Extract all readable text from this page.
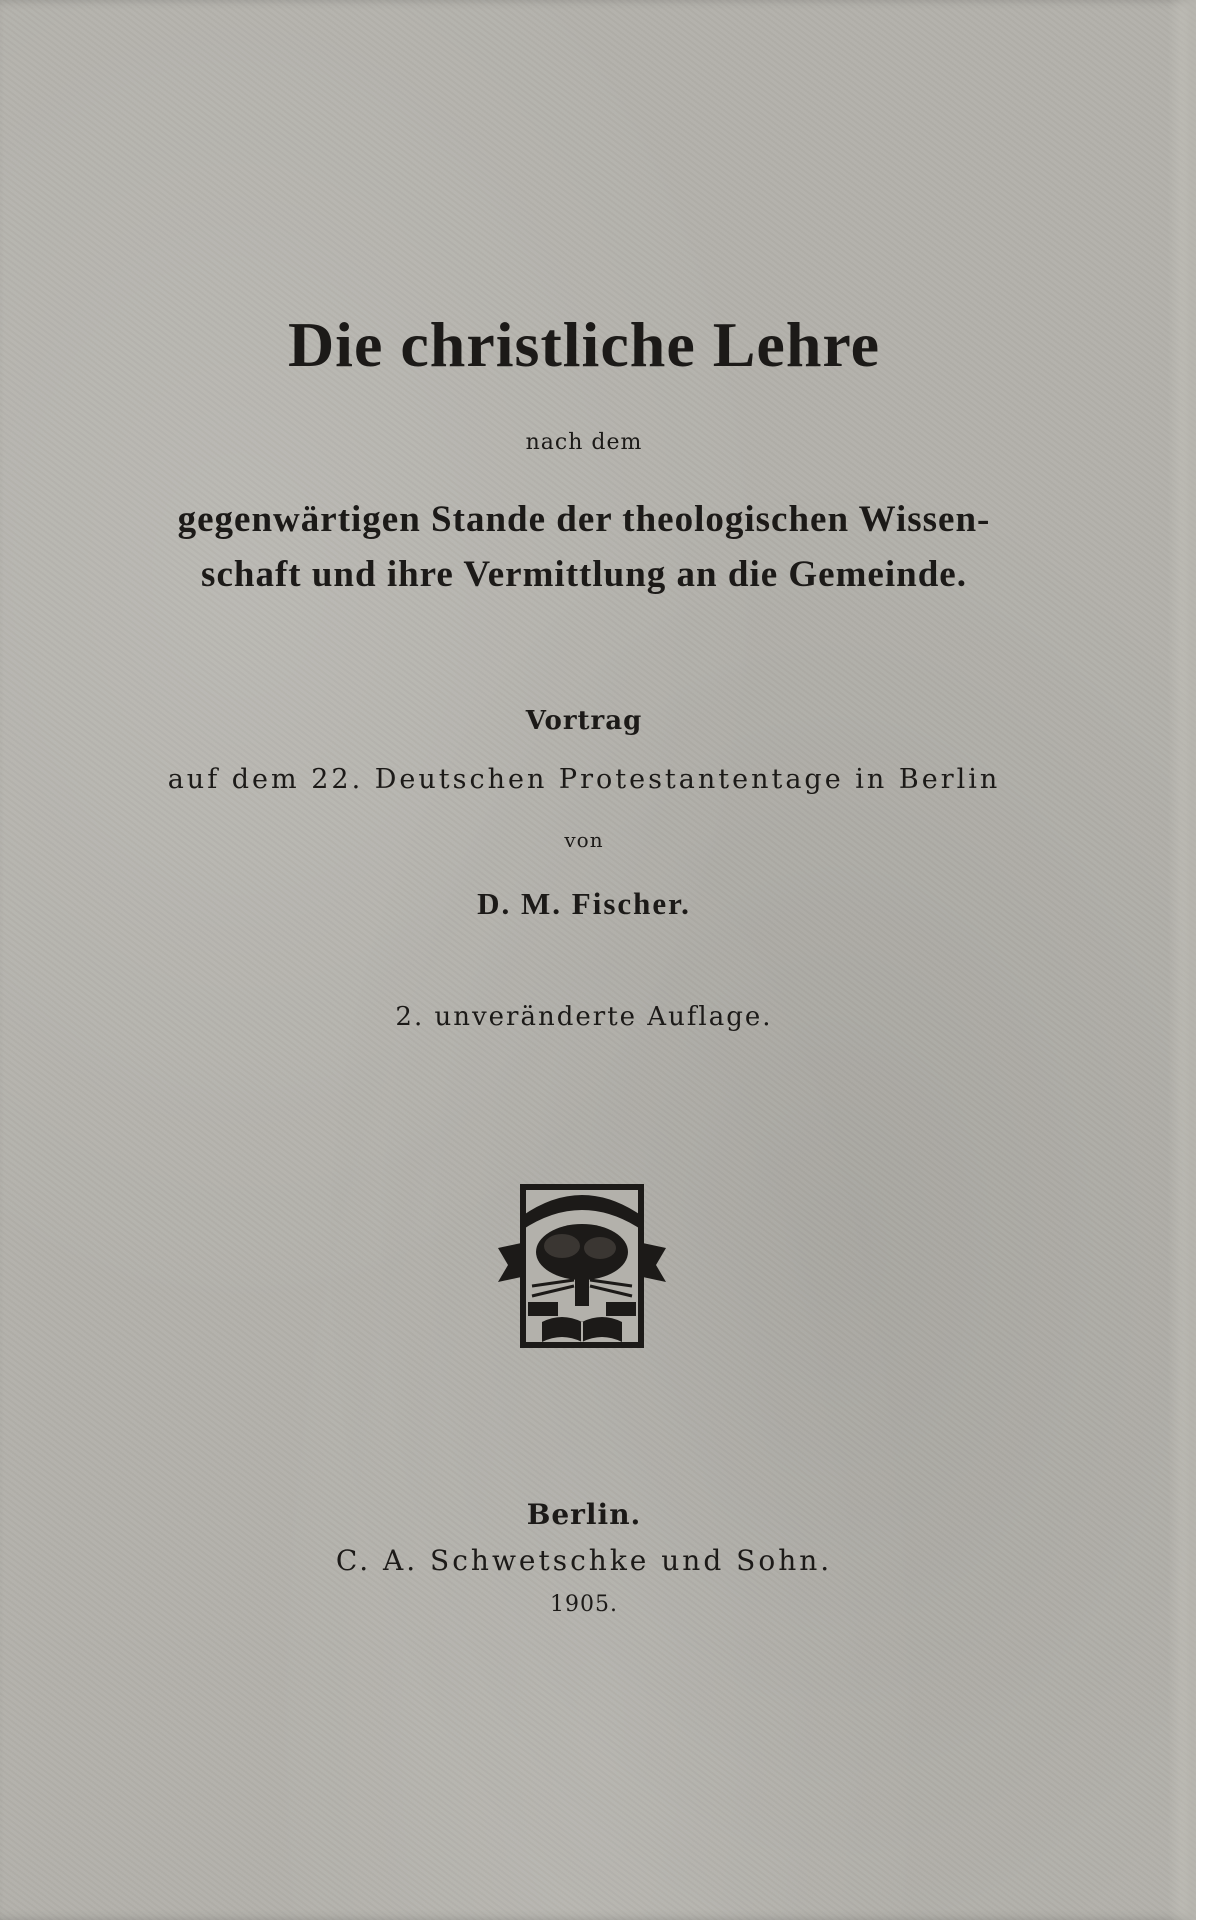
Die christliche Lehre
nach dem
gegenwärtigen Stande der theologischen Wissen-
schaft und ihre Vermittlung an die Gemeinde.
Vortrag
auf dem 22. Deutschen Protestantentage in Berlin
von
D. M. Fischer.
2. unveränderte Auflage.
Berlin.
C. A. Schwetschke und Sohn.
1905.
